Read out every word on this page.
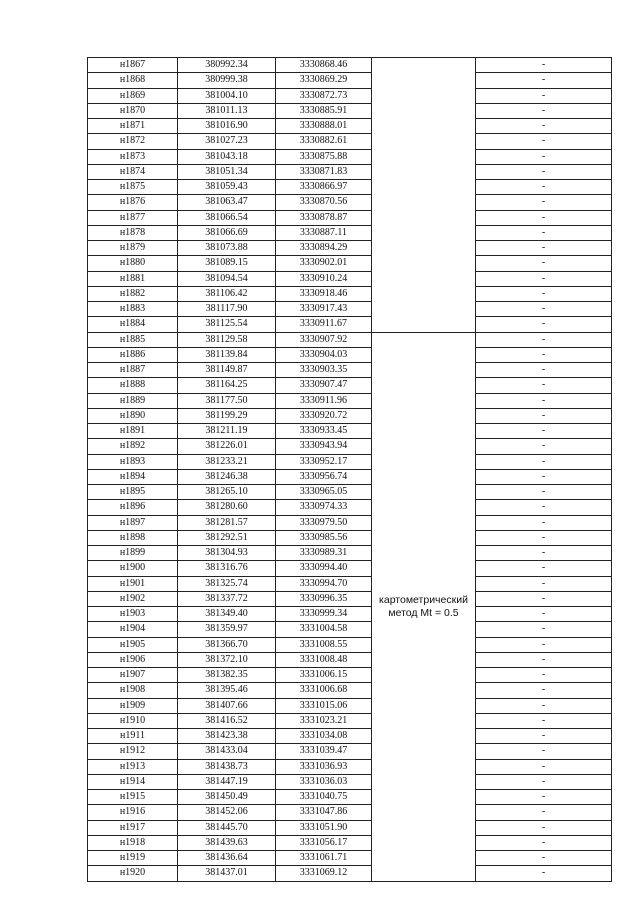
н1867	380992.34	3330868.46		-
н1868	380999.38	3330869.29		-
н1869	381004.10	3330872.73		-
н1870	381011.13	3330885.91		-
н1871	381016.90	3330888.01		-
н1872	381027.23	3330882.61		-
н1873	381043.18	3330875.88		-
н1874	381051.34	3330871.83		-
н1875	381059.43	3330866.97		-
н1876	381063.47	3330870.56		-
н1877	381066.54	3330878.87		-
н1878	381066.69	3330887.11		-
н1879	381073.88	3330894.29		-
н1880	381089.15	3330902.01		-
н1881	381094.54	3330910.24		-
н1882	381106.42	3330918.46		-
н1883	381117.90	3330917.43		-
н1884	381125.54	3330911.67		-
н1885	381129.58	3330907.92	картометрический метод Mt = 0.5	-
н1886	381139.84	3330904.03		-
н1887	381149.87	3330903.35		-
н1888	381164.25	3330907.47		-
н1889	381177.50	3330911.96		-
н1890	381199.29	3330920.72		-
н1891	381211.19	3330933.45		-
н1892	381226.01	3330943.94		-
н1893	381233.21	3330952.17		-
н1894	381246.38	3330956.74		-
н1895	381265.10	3330965.05		-
н1896	381280.60	3330974.33		-
н1897	381281.57	3330979.50		-
н1898	381292.51	3330985.56		-
н1899	381304.93	3330989.31		-
н1900	381316.76	3330994.40		-
н1901	381325.74	3330994.70		-
н1902	381337.72	3330996.35		-
н1903	381349.40	3330999.34		-
н1904	381359.97	3331004.58		-
н1905	381366.70	3331008.55		-
н1906	381372.10	3331008.48		-
н1907	381382.35	3331006.15		-
н1908	381395.46	3331006.68		-
н1909	381407.66	3331015.06		-
н1910	381416.52	3331023.21		-
н1911	381423.38	3331034.08		-
н1912	381433.04	3331039.47		-
н1913	381438.73	3331036.93		-
н1914	381447.19	3331036.03		-
н1915	381450.49	3331040.75		-
н1916	381452.06	3331047.86		-
н1917	381445.70	3331051.90		-
н1918	381439.63	3331056.17		-
н1919	381436.64	3331061.71		-
н1920	381437.01	3331069.12		-
